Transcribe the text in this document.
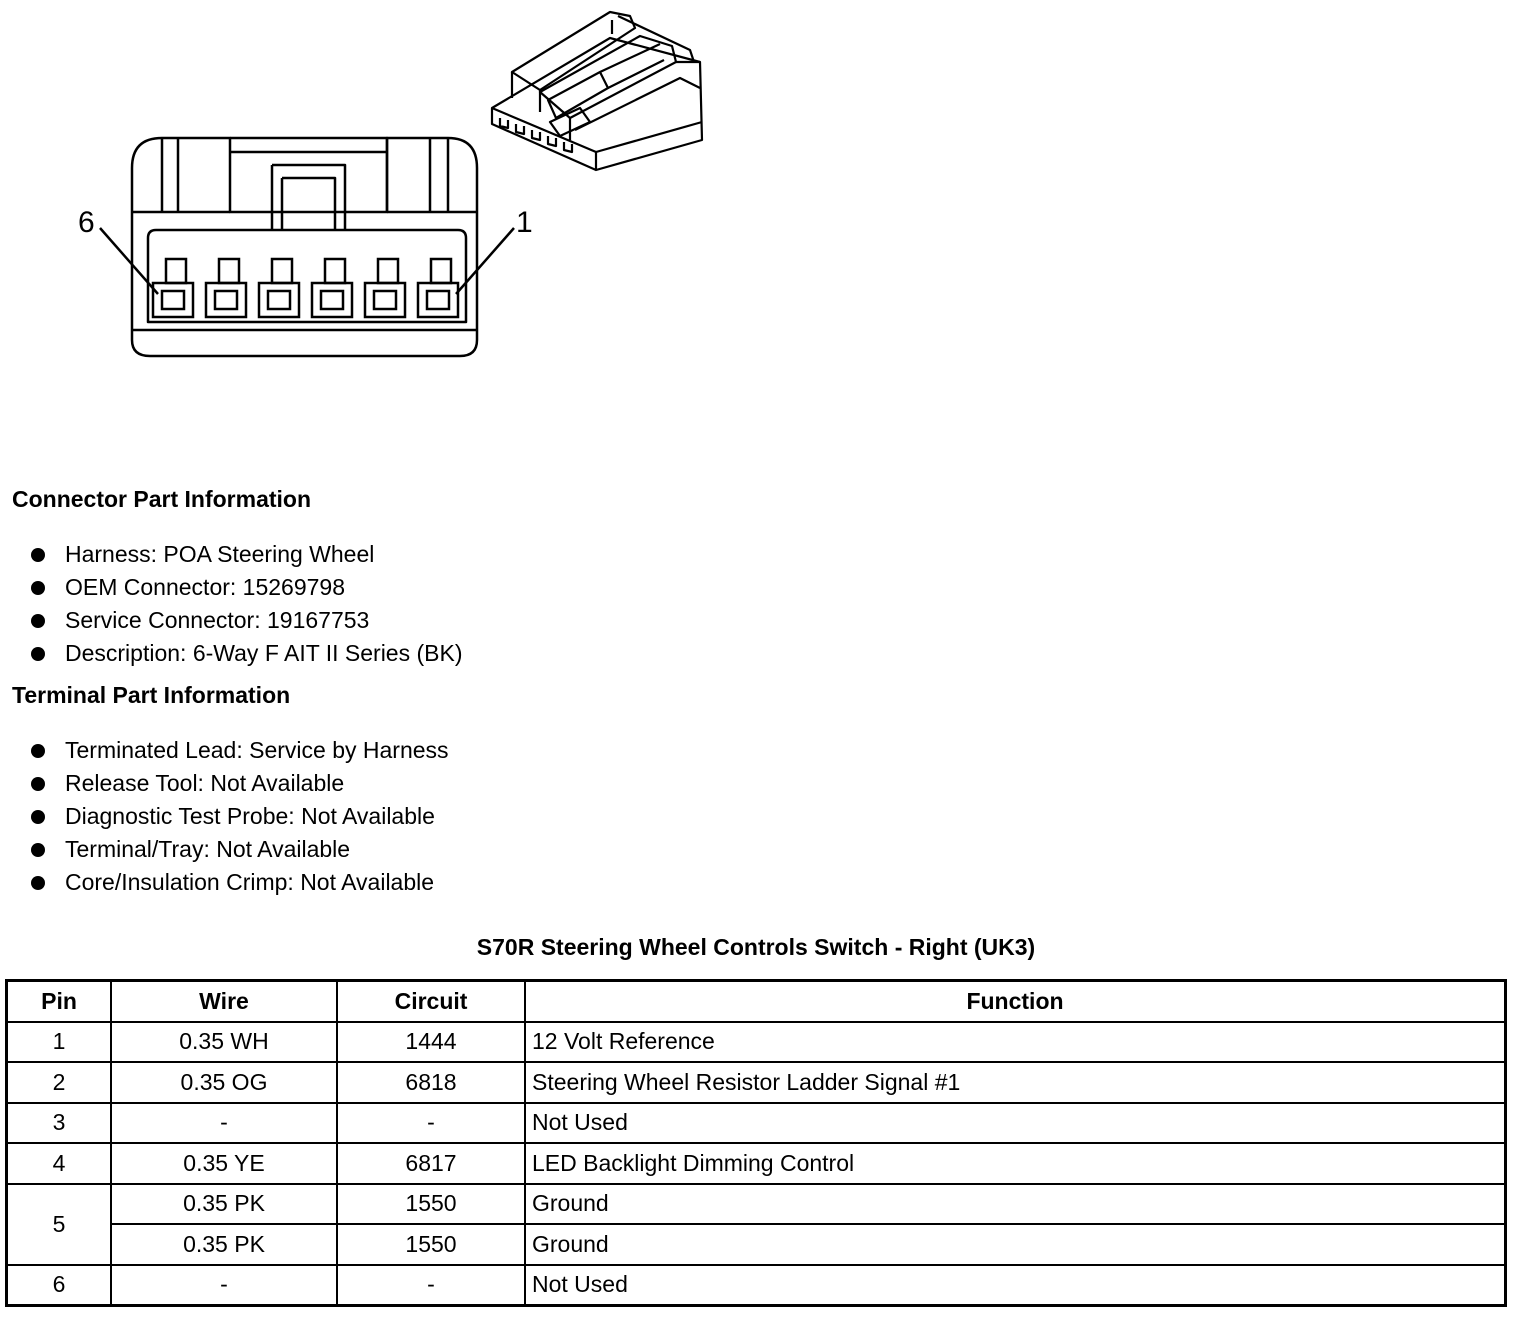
6	1
Connector Part Information
Harness: POA Steering Wheel
OEM Connector: 15269798
Service Connector: 19167753
Description: 6-Way F AIT II Series (BK)
Terminal Part Information
Terminated Lead: Service by Harness
Release Tool: Not Available
Diagnostic Test Probe: Not Available
Terminal/Tray: Not Available
Core/Insulation Crimp: Not Available
S70R Steering Wheel Controls Switch - Right (UK3)
Pin	Wire	Circuit	Function
1	0.35 WH	1444	12 Volt Reference
2	0.35 OG	6818	Steering Wheel Resistor Ladder Signal #1
3	-	-	Not Used
4	0.35 YE	6817	LED Backlight Dimming Control
5	0.35 PK	1550	Ground
	0.35 PK	1550	Ground
6	-	-	Not Used
